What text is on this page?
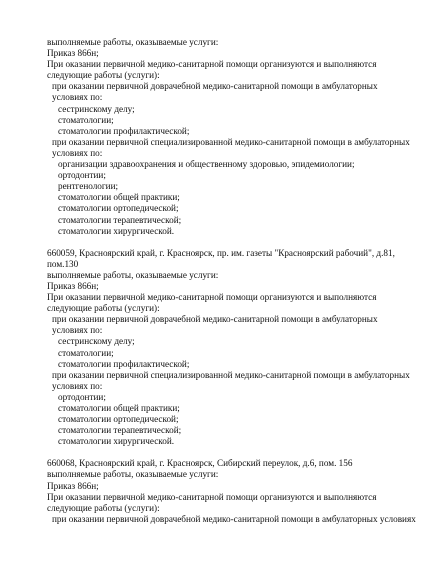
выполняемые работы, оказываемые услуги:
Приказ 866н;
При оказании первичной медико-санитарной помощи организуются и выполняются следующие работы (услуги):
при оказании первичной доврачебной медико-санитарной помощи в амбулаторных условиях по:
сестринскому делу;
стоматологии;
стоматологии профилактической;
при оказании первичной специализированной медико-санитарной помощи в амбулаторных условиях по:
организации здравоохранения и общественному здоровью, эпидемиологии;
ортодонтии;
рентгенологии;
стоматологии общей практики;
стоматологии ортопедической;
стоматологии терапевтической;
стоматологии хирургической.
660059, Красноярский край, г. Красноярск, пр. им. газеты "Красноярский рабочий", д.81, пом.130
выполняемые работы, оказываемые услуги:
Приказ 866н;
При оказании первичной медико-санитарной помощи организуются и выполняются следующие работы (услуги):
при оказании первичной доврачебной медико-санитарной помощи в амбулаторных условиях по:
сестринскому делу;
стоматологии;
стоматологии профилактической;
при оказании первичной специализированной медико-санитарной помощи в амбулаторных условиях по:
ортодонтии;
стоматологии общей практики;
стоматологии ортопедической;
стоматологии терапевтической;
стоматологии хирургической.
660068, Красноярский край, г. Красноярск, Сибирский переулок, д.6, пом. 156
выполняемые работы, оказываемые услуги:
Приказ 866н;
При оказании первичной медико-санитарной помощи организуются и выполняются следующие работы (услуги):
при оказании первичной доврачебной медико-санитарной помощи в амбулаторных условиях
